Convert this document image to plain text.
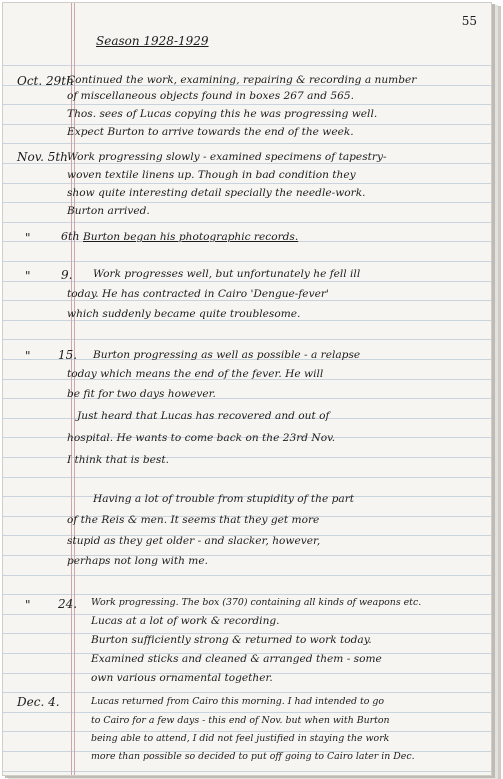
55
Season 1928-1929
Oct. 29th
Continued the work, examining, repairing & recording a number
of miscellaneous objects found in boxes 267 and 565.
Thos. sees of Lucas copying this he was progressing well.
Expect Burton to arrive towards the end of the week.
Nov. 5th Work progressing slowly - examined specimens of tapestry-
woven textile linens up. Though in bad condition they
show quite interesting detail specially the needle-work.
Burton arrived.
"	6th Burton began his photographic records.
"	9. Work progresses well, but unfortunately he fell ill
today. He has contracted in Cairo 'Dengue-fever'
which suddenly became quite troublesome.
" 15. Burton progressing as well as possible - a relapse
today which means the end of the fever. He will
be fit for two days however.
Just heard that Lucas has recovered and out of
hospital. He wants to come back on the 23rd Nov.
I think that is best.
Having a lot of trouble from stupidity of the part
of the Reis & men. It seems that they get more
stupid as they get older - and slacker, however,
perhaps not long with me.
" 24. Work progressing. The box (370) containing all kinds of weapons etc.
Lucas at a lot of work & recording.
Burton sufficiently strong & returned to work today.
Examined sticks and cleaned & arranged them - some
own various ornamental together.
Dec. 4.	Lucas returned from Cairo this morning. I had intended to go
to Cairo for a few days - this end of Nov. but when with Burton
being able to attend, I did not feel justified in staying the work
more than possible so decided to put off going to Cairo later in Dec.
